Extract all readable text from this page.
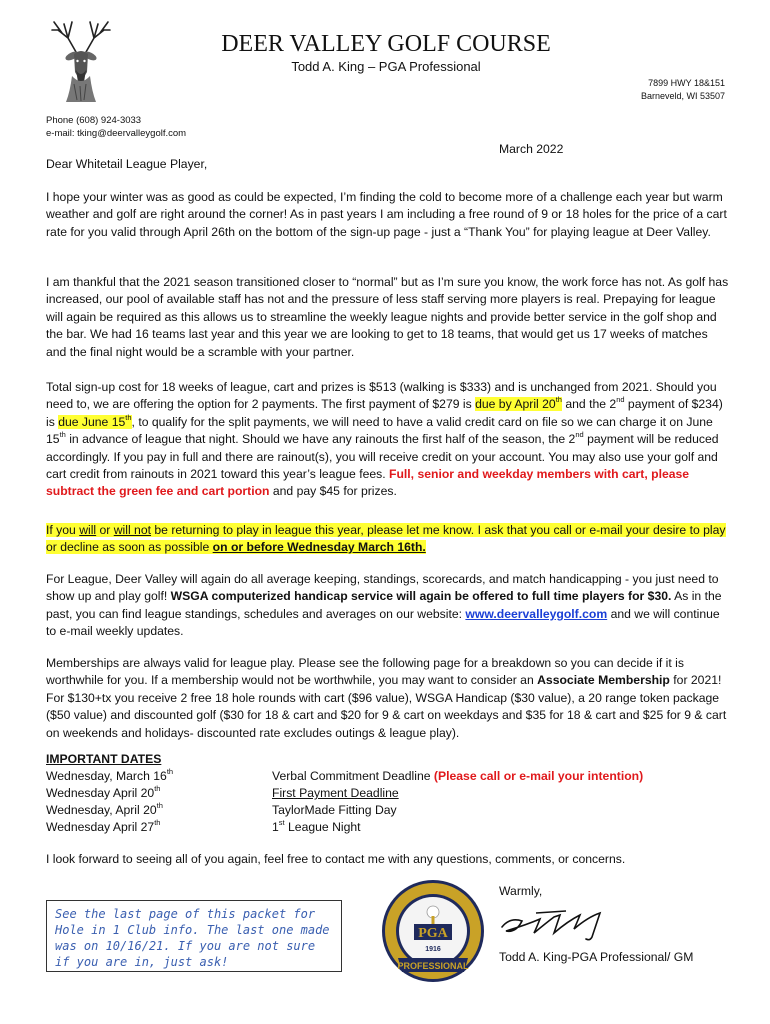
DEER VALLEY GOLF COURSE
Todd A. King – PGA Professional
7899 HWY 18&151
Barneveld, WI 53507
Phone (608) 924-3033
e-mail: tking@deervalleygolf.com
March 2022
Dear Whitetail League Player,
I hope your winter was as good as could be expected, I’m finding the cold to become more of a challenge each year but warm weather and golf are right around the corner! As in past years I am including a free round of 9 or 18 holes for the price of a cart rate for you valid through April 26th on the bottom of the sign-up page - just a “Thank You” for playing league at Deer Valley.
I am thankful that the 2021 season transitioned closer to “normal” but as I’m sure you know, the work force has not. As golf has increased, our pool of available staff has not and the pressure of less staff serving more players is real. Prepaying for league will again be required as this allows us to streamline the weekly league nights and provide better service in the golf shop and the bar. We had 16 teams last year and this year we are looking to get to 18 teams, that would get us 17 weeks of matches and the final night would be a scramble with your partner.
Total sign-up cost for 18 weeks of league, cart and prizes is $513 (walking is $333) and is unchanged from 2021. Should you need to, we are offering the option for 2 payments. The first payment of $279 is due by April 20th and the 2nd payment of $234) is due June 15th, to qualify for the split payments, we will need to have a valid credit card on file so we can charge it on June 15th in advance of league that night. Should we have any rainouts the first half of the season, the 2nd payment will be reduced accordingly. If you pay in full and there are rainout(s), you will receive credit on your account. You may also use your golf and cart credit from rainouts in 2021 toward this year’s league fees. Full, senior and weekday members with cart, please subtract the green fee and cart portion and pay $45 for prizes.
If you will or will not be returning to play in league this year, please let me know. I ask that you call or e-mail your desire to play or decline as soon as possible on or before Wednesday March 16th.
For League, Deer Valley will again do all average keeping, standings, scorecards, and match handicapping - you just need to show up and play golf! WSGA computerized handicap service will again be offered to full time players for $30. As in the past, you can find league standings, schedules and averages on our website: www.deervalleygolf.com and we will continue to e-mail weekly updates.
Memberships are always valid for league play. Please see the following page for a breakdown so you can decide if it is worthwhile for you. If a membership would not be worthwhile, you may want to consider an Associate Membership for 2021! For $130+tx you receive 2 free 18 hole rounds with cart ($96 value), WSGA Handicap ($30 value), a 20 range token package ($50 value) and discounted golf ($30 for 18 & cart and $20 for 9 & cart on weekdays and $35 for 18 & cart and $25 for 9 & cart on weekends and holidays- discounted rate excludes outings & league play).
IMPORTANT DATES
Wednesday, March 16th	Verbal Commitment Deadline (Please call or e-mail your intention)
Wednesday April 20th	First Payment Deadline
Wednesday, April 20th	TaylorMade Fitting Day
Wednesday April 27th	1st League Night
I look forward to seeing all of you again, feel free to contact me with any questions, comments, or concerns.
See the last page of this packet for Hole in 1 Club info. The last one made was on 10/16/21. If you are not sure if you are in, just ask!
PGA
1916
PROFESSIONAL
Warmly,
Todd A. King-PGA Professional/ GM
